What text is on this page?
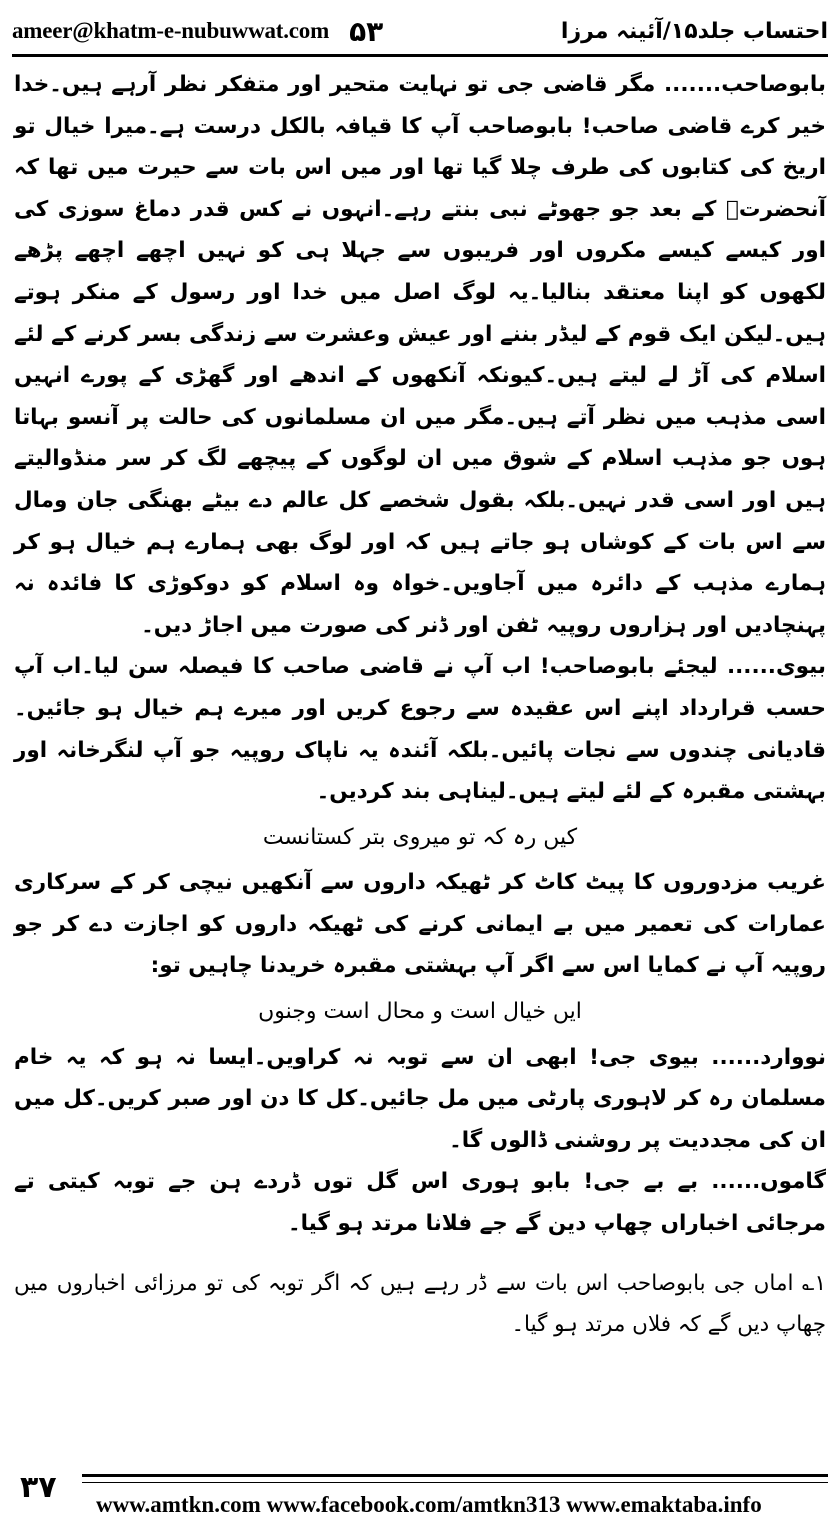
ameer@khatm-e-nubuwwat.com ۵۳	احتساب جلد۱۵/آئینہ مرزا

بابوصاحب....... مگر قاضی جی تو نہایت متحیر اور متفکر نظر آرہے ہیں۔خدا خیر کرے قاضی صاحب! بابوصاحب آپ کا قیافہ بالکل درست ہے۔میرا خیال تو اریخ کی کتابوں کی طرف چلا گیا تھا اور میں اس بات سے حیرت میں تھا کہ آنحضرتؐ کے بعد جو جھوٹے نبی بنتے رہے۔انہوں نے کس قدر دماغ سوزی کی اور کیسے کیسے مکروں اور فریبوں سے جہلا ہی کو نہیں اچھے اچھے پڑھے لکھوں کو اپنا معتقد بنالیا۔یہ لوگ اصل میں خدا اور رسول کے منکر ہوتے ہیں۔لیکن ایک قوم کے لیڈر بننے اور عیش وعشرت سے زندگی بسر کرنے کے لئے اسلام کی آڑ لے لیتے ہیں۔کیونکہ آنکھوں کے اندھے اور گھڑی کے پورے انہیں اسی مذہب میں نظر آتے ہیں۔مگر میں ان مسلمانوں کی حالت پر آنسو بہاتا ہوں جو مذہب اسلام کے شوق میں ان لوگوں کے پیچھے لگ کر سر منڈوالیتے ہیں اور اسی قدر نہیں۔بلکہ بقول شخصے کل عالم دے بیٹے بھنگی جان ومال سے اس بات کے کوشاں ہو جاتے ہیں کہ اور لوگ بھی ہمارے ہم خیال ہو کر ہمارے مذہب کے دائرہ میں آجاویں۔خواہ وہ اسلام کو دوکوڑی کا فائدہ نہ پہنچادیں اور ہزاروں روپیہ ٹفن اور ڈنر کی صورت میں اجاڑ دیں۔

بیوی...... لیجئے بابوصاحب! اب آپ نے قاضی صاحب کا فیصلہ سن لیا۔اب آپ حسب قرارداد اپنے اس عقیدہ سے رجوع کریں اور میرے ہم خیال ہو جائیں۔قادیانی چندوں سے نجات پائیں۔بلکہ آئندہ یہ ناپاک روپیہ جو آپ لنگرخانہ اور بہشتی مقبرہ کے لئے لیتے ہیں۔لیناہی بند کردیں۔

کیں رہ کہ تو میروی بتر کستانست

غریب مزدوروں کا پیٹ کاٹ کر ٹھیکہ داروں سے آنکھیں نیچی کر کے سرکاری عمارات کی تعمیر میں بے ایمانی کرنے کی ٹھیکہ داروں کو اجازت دے کر جو روپیہ آپ نے کمایا اس سے اگر آپ بہشتی مقبرہ خریدنا چاہیں تو:

ایں خیال است و محال است وجنوں

نووارد...... بیوی جی! ابھی ان سے توبہ نہ کراویں۔ایسا نہ ہو کہ یہ خام مسلمان رہ کر لاہوری پارٹی میں مل جائیں۔کل کا دن اور صبر کریں۔کل میں ان کی مجددیت پر روشنی ڈالوں گا۔

گاموں...... بے بے جی! بابو ہوری اس گل توں ڈردے ہن جے توبہ کیتی تے مرجائی اخباراں چھاپ دین گے جے فلانا مرتد ہو گیا۔

۱؎ اماں جی بابوصاحب اس بات سے ڈر رہے ہیں کہ اگر توبہ کی تو مرزائی اخباروں میں چھاپ دیں گے کہ فلاں مرتد ہو گیا۔

۳۷ www.amtkn.com www.facebook.com/amtkn313 www.emaktaba.info
